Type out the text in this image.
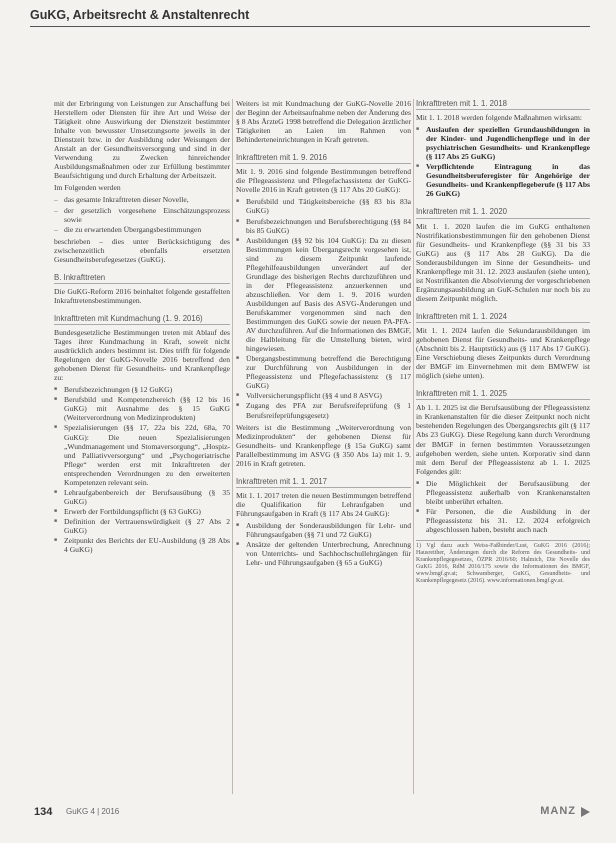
GuKG, Arbeitsrecht & Anstaltenrecht

mit der Erbringung von Leistungen zur Anschaffung bei Herstellern oder Diensten für ihre Art und Weise der Tätigkeit ohne Auswirkung der Dienstzeit bestimmter Inhalte von bewusster Umsetzungsorte jeweils in der Dienstzeit bzw. in der Ausbildung oder Weisungen der Anstalt an der Gesundheitsversorgung und sind in der Verwendung zu Zwecken hinreichender Ausbildungsmaßnahmen oder zur Erfüllung bestimmter Beaufsichtigung und durch Erhaltung der Arbeitszeit.

Im Folgenden werden

– das gesamte Inkrafttreten dieser Novelle,
– der gesetzlich vorgesehene Einschätzungsprozess sowie
– die zu erwartenden Übergangsbestimmungen

beschrieben – dies unter Berücksichtigung des zwischenzeitlich ebenfalls ersetzten Gesundheitsberufegesetzes (GuKG).

B. Inkrafttreten

Die GuKG-Reform 2016 beinhaltet folgende gestaffelten Inkrafttretensbestimmungen.

Inkrafttreten mit Kundmachung (1. 9. 2016)

Bundesgesetzliche Bestimmungen treten mit Ablauf des Tages ihrer Kundmachung in Kraft, soweit nicht ausdrücklich anders bestimmt ist. Dies trifft für folgende Regelungen der GuKG-Novelle 2016 betreffend den gehobenen Dienst für Gesundheits- und Krankenpflege zu:

■ Berufsbezeichnungen (§ 12 GuKG)
■ Berufsbild und Kompetenzbereich (§§ 12 bis 16 GuKG) mit Ausnahme des § 15 GuKG (Weiterverordnung von Medizinprodukten)
■ Spezialisierungen (§§ 17, 22a bis 22d, 68a, 70 GuKG): Die neuen Spezialisierungen „Wundmanagement und Stomaversorgung“, „Hospiz- und Palliativversorgung“ und „Psychogeriatrische Pflege“ werden erst mit Inkrafttreten der entsprechenden Verordnungen zu den erweiterten Kompetenzen relevant sein.
■ Lehraufgabenbereich der Berufsausübung (§ 35 GuKG)
■ Erwerb der Fortbildungspflicht (§ 63 GuKG)
■ Definition der Vertrauenswürdigkeit (§ 27 Abs 2 GuKG)
■ Zeitpunkt des Berichts der EU-Ausbildung (§ 28 Abs 4 GuKG)

Weiters ist mit Kundmachung der GuKG-Novelle 2016 der Beginn der Arbeitsaufnahme neben der Änderung des § 8 Abs ÄrzteG 1998 betreffend die Delegation ärztlicher Tätigkeiten an Laien im Rahmen von Behinderteneinrichtungen in Kraft getreten.

Inkrafttreten mit 1. 9. 2016

Mit 1. 9. 2016 sind folgende Bestimmungen betreffend die Pflegeassistenz und Pflegefachassistenz der GuKG-Novelle 2016 in Kraft getreten (§ 117 Abs 20 GuKG):

■ Berufsbild und Tätigkeitsbereiche (§§ 83 bis 83a GuKG)
■ Berufsbezeichnungen und Berufsberechtigung (§§ 84 bis 85 GuKG)
■ Ausbildungen (§§ 92 bis 104 GuKG): Da zu diesen Bestimmungen kein Übergangsrecht vorgesehen ist, sind zu diesem Zeitpunkt laufende Pflegehilfeausbildungen unverändert auf der Grundlage des bisherigen Rechts durchzuführen und in der Pflegeassistenz anzuerkennen und abzuschließen. Vor dem 1. 9. 2016 wurden Ausbildungen auf Basis des ASVG-Änderungen und Berufskammer vorgenommen sind nach den Bestimmungen des GuKG sowie der neuen PA-PFA-AV durchzuführen. Auf die Informationen des BMGF, die Halbleitung für die Umstellung bieten, wird hingewiesen.
■ Übergangsbestimmung betreffend die Berechtigung zur Durchführung von Ausbildungen in der Pflegeassistenz und Pflegefachassistenz (§ 117 GuKG)
■ Vollversicherungspflicht (§§ 4 und 8 ASVG)
■ Zugang des PFA zur Berufsreifeprüfung (§ 1 Berufsreifeprüfungsgesetz)

Weiters ist die Bestimmung „Weiterverordnung von Medizinprodukten“ der gehobenen Dienst für Gesundheits- und Krankenpflege (§ 15a GuKG) samt Parallelbestimmung im ASVG (§ 350 Abs 1a) mit 1. 9. 2016 in Kraft getreten.

Inkrafttreten mit 1. 1. 2017

Mit 1. 1. 2017 treten die neuen Bestimmungen betreffend die Qualifikation für Lehraufgaben und Führungsaufgaben in Kraft (§ 117 Abs 24 GuKG):

■ Ausbildung der Sonderausbildungen für Lehr- und Führungsaufgaben (§§ 71 und 72 GuKG)
■ Ansätze der geltenden Unterbrechung, Anrechnung von Unterrichts- und Sachhochschullehrgängen für Lehr- und Führungsaufgaben (§ 65 a GuKG)
Inkrafttreten mit 1. 1. 2018

Mit 1. 1. 2018 werden folgende Maßnahmen wirksam:

■ Auslaufen der speziellen Grundausbildungen in der Kinder- und Jugendlichenpflege und in der psychiatrischen Gesundheits- und Krankenpflege (§ 117 Abs 25 GuKG)
■ Verpflichtende Eintragung in das Gesundheitsberuferegister für Angehörige der Gesundheits- und Krankenpflegeberufe (§ 117 Abs 26 GuKG)
Inkrafttreten mit 1. 1. 2020

Mit 1. 1. 2020 laufen die im GuKG enthaltenen Nostrifikationsbestimmungen für den gehobenen Dienst für Gesundheits- und Krankenpflege (§§ 31 bis 33 GuKG) aus (§ 117 Abs 28 GuKG). Da die Sonderausbildungen im Sinne der Gesundheits- und Krankenpflege mit 31. 12. 2023 auslaufen (siehe unten), ist Nostrifikanten die Absolvierung der vorgeschriebenen Ergänzungsausbildung an GuK-Schulen nur noch bis zu diesem Zeitpunkt möglich.

Inkrafttreten mit 1. 1. 2024

Mit 1. 1. 2024 laufen die Sekundarausbildungen im gehobenen Dienst für Gesundheits- und Krankenpflege (Abschnitt bis 2. Hauptstück) aus (§ 117 Abs 17 GuKG). Eine Verschiebung dieses Zeitpunkts durch Verordnung der BMGF im Einvernehmen mit dem BMWFW ist möglich (siehe unten).

Inkrafttreten mit 1. 1. 2025

Ab 1. 1. 2025 ist die Berufsausübung der Pflegeassistenz in Krankenanstalten für die dieser Zeitpunkt noch nicht bestehenden Regelungen des Übergangsrechts gilt (§ 117 Abs 23 GuKG). Diese Regelung kann durch Verordnung der BMGF in fernen bestimmten Voraussetzungen aufgehoben werden, siehe unten. Korporativ sind dann mit dem Beruf der Pflegeassistenz ab 1. 1. 2025 Folgendes gilt:

■ Die Möglichkeit der Berufsausübung der Pflegeassistenz außerhalb von Krankenanstalten bleibt unberührt erhalten.
■ Für Personen, die die Ausbildung in der Pflegeassistenz bis 31. 12. 2024 erfolgreich abgeschlossen haben, besteht auch nach
1) Vgl dazu auch Weiss-Faßbinder/Lust, GuKG 2016 (2016); Hausreither, Änderungen durch die Reform des Gesundheits- und Krankenpflegegesetzes, ÖZPR 2016/60; Halmich, Die Novelle des GuKG 2016, RdM 2016/175 sowie die Informationen des BMGF, www.bmgf.gv.at; Schwamberger, GuKG, Gesundheits- und Krankenpflegegesetz (2016). www.informationen.bmgf.gv.at.
134 GuKG 4 | 2016	MANZ
